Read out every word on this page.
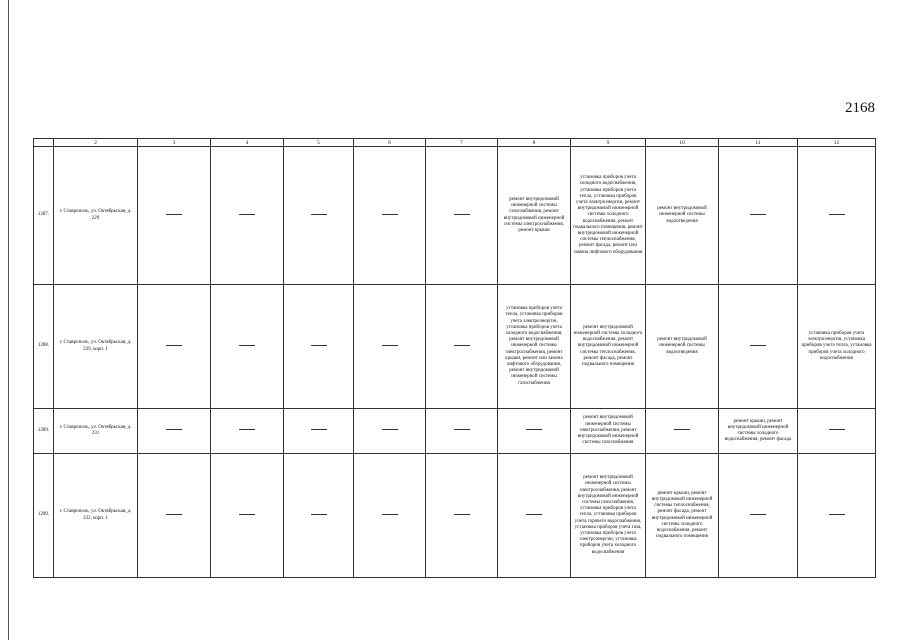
2168
	2	3	4	5	6	7	8	9	10	11	12
1287.	г. Ставрополь, ул. Октябрьская, д. 229						ремонт внутридомовой инженерной системы газоснабжения, ремонт внутридомовой инженерной системы электроснабжения, ремонт крыши	установка приборов учета холодного водоснабжения, установка приборов учета тепла, установка приборов учета электроэнергии, ремонт внутридомовой инженерной системы холодного водоснабжения, ремонт подвального помещения, ремонт внутридомовой инженерной системы теплоснабжения, ремонт фасада, ремонт или замена лифтового оборудования	ремонт внутридомовой инженерной системы водоотведения		
1288.	г. Ставрополь, ул. Октябрьская, д. 229, корп. 1						установка приборов учета тепла, установка приборов учета электроэнергии, установка приборов учета холодного водоснабжения, ремонт внутридомовой инженерной системы электроснабжения, ремонт крыши, ремонт или замена лифтового оборудования, ремонт внутридомовой инженерной системы газоснабжения	ремонт внутридомовой инженерной системы холодного водоснабжения, ремонт внутридомовой инженерной системы теплоснабжения, ремонт фасада, ремонт подвального помещения	ремонт внутридомовой инженерной системы водоотведения		установка приборов учета электроэнергии, установка приборов учета тепла, установка приборов учета холодного водоснабжения
1289.	г. Ставрополь, ул. Октябрьская, д. 231							ремонт внутридомовой инженерной системы электроснабжения, ремонт внутридомовой инженерной системы газоснабжения		ремонт крыши, ремонт внутридомовой инженерной системы холодного водоснабжения, ремонт фасада	
1290.	г. Ставрополь, ул. Октябрьская, д. 232, корп. 1							ремонт внутридомовой инженерной системы электроснабжения, ремонт внутридомовой инженерной системы газоснабжения, установка приборов учета тепла, установка приборов учета горячего водоснабжения, установка приборов учета газа, установка приборов учета электроэнергии, установка приборов учета холодного водоснабжения	ремонт крыши, ремонт внутридомовой инженерной системы теплоснабжения, ремонт фасада, ремонт внутридомовой инженерной системы холодного водоснабжения, ремонт подвального помещения		
